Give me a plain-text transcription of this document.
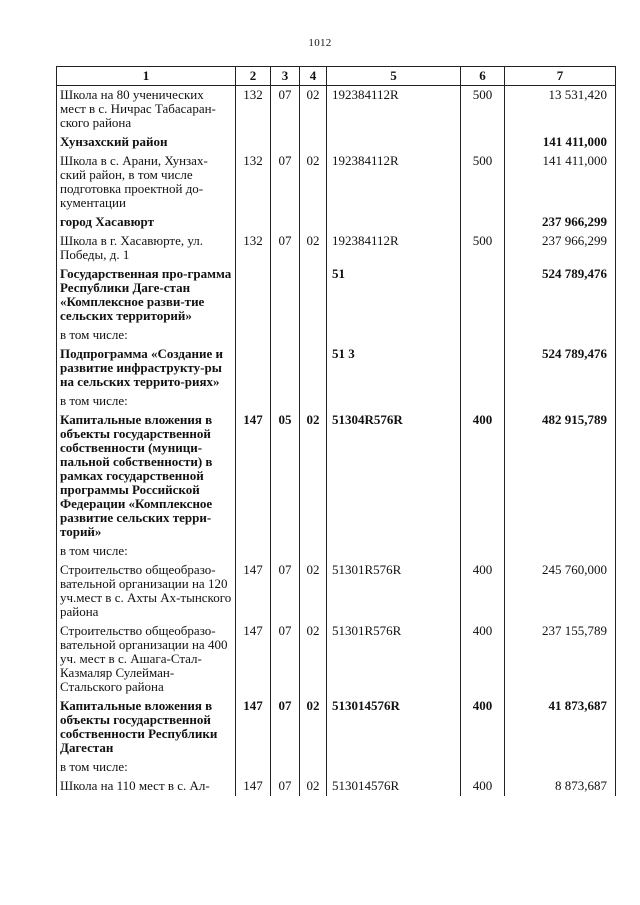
1012
1	2	3	4	5	6	7
Школа на 80 ученических мест в с. Ничрас Табасаран-ского района	132	07	02	192384112R	500	13 531,420
Хунзахский район						141 411,000
Школа в с. Арани, Хунзах-ский район, в том числе подготовка проектной до-кументации	132	07	02	192384112R	500	141 411,000
город Хасавюрт						237 966,299
Школа в г. Хасавюрте, ул. Победы, д. 1	132	07	02	192384112R	500	237 966,299
Государственная про-грамма Республики Даге-стан «Комплексное разви-тие сельских территорий»				51		524 789,476
в том числе:						
Подпрограмма «Создание и развитие инфраструкту-ры на сельских террито-риях»				51 3		524 789,476
в том числе:						
Капитальные вложения в объекты государственной собственности (муници-пальной собственности) в рамках государственной программы Российской Федерации «Комплексное развитие сельских терри-торий»	147	05	02	51304R576R	400	482 915,789
в том числе:						
Строительство общеобразо-вательной организации на 120 уч.мест в с. Ахты Ах-тынского района	147	07	02	51301R576R	400	245 760,000
Строительство общеобразо-вательной организации на 400 уч. мест в с. Ашага-Стал-Казмаляр Сулейман-Стальского района	147	07	02	51301R576R	400	237 155,789
Капитальные вложения в объекты государственной собственности Республики Дагестан	147	07	02	513014576R	400	41 873,687
в том числе:						
Школа на 110 мест в с. Ал-	147	07	02	513014576R	400	8 873,687
